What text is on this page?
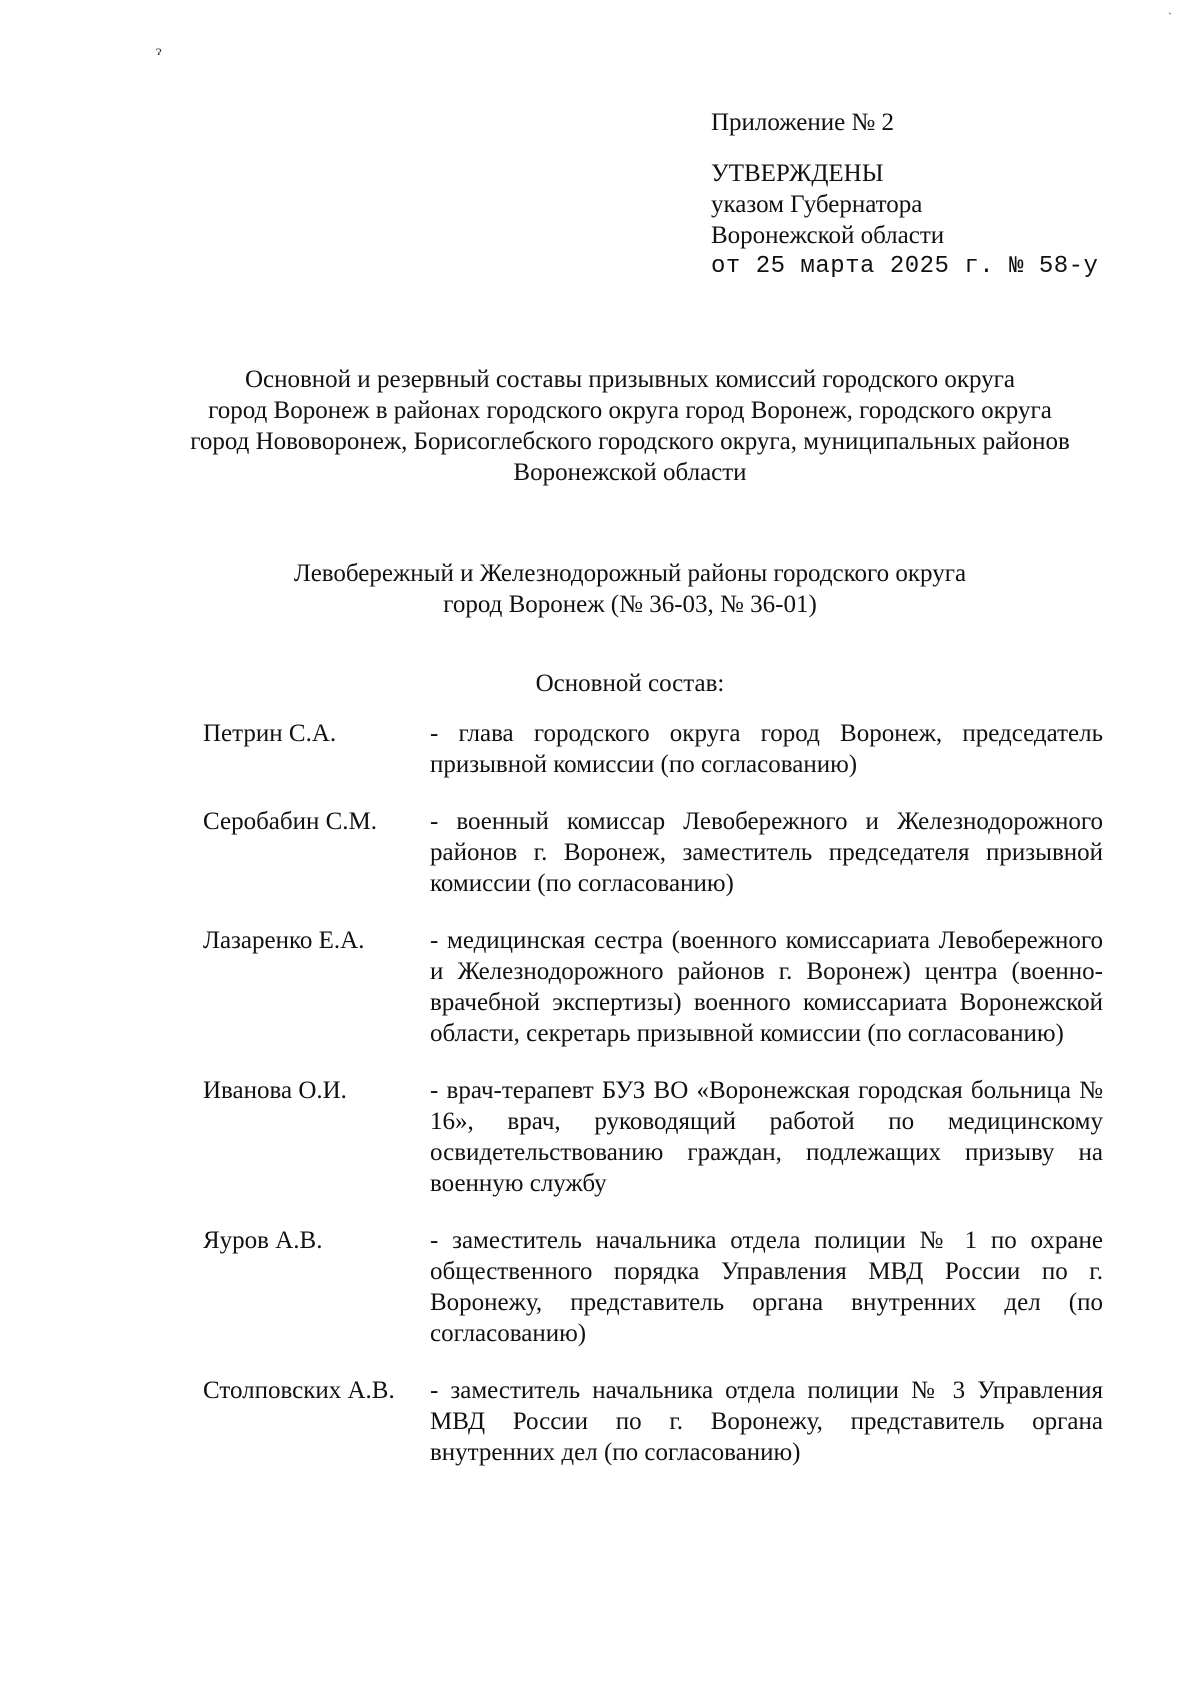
ɂ
`
Приложение № 2
УТВЕРЖДЕНЫ
указом Губернатора
Воронежской области
от 25 марта 2025 г. № 58-у
Основной и резервный составы призывных комиссий городского округа
город Воронеж в районах городского округа город Воронеж, городского округа
город Нововоронеж, Борисоглебского городского округа, муниципальных районов
Воронежской области
Левобережный и Железнодорожный районы городского округа
город Воронеж (№ 36-03, № 36-01)
Основной состав:
Петрин С.А.	- глава городского округа город Воронеж, председатель призывной комиссии (по согласованию)
Серобабин С.М.	- военный комиссар Левобережного и Железнодорожного районов г. Воронеж, заместитель председателя призывной комиссии (по согласованию)
Лазаренко Е.А.	- медицинская сестра (военного комиссариата Левобережного и Железнодорожного районов г. Воронеж) центра (военно-врачебной экспертизы) военного комиссариата Воронежской области, секретарь призывной комиссии (по согласованию)
Иванова О.И.	- врач-терапевт БУЗ ВО «Воронежская городская больница № 16», врач, руководящий работой по медицинскому освидетельствованию граждан, подлежащих призыву на военную службу
Яуров А.В.	- заместитель начальника отдела полиции № 1 по охране общественного порядка Управления МВД России по г. Воронежу, представитель органа внутренних дел (по согласованию)
Столповских А.В.	- заместитель начальника отдела полиции № 3 Управления МВД России по г. Воронежу, представитель органа внутренних дел (по согласованию)
